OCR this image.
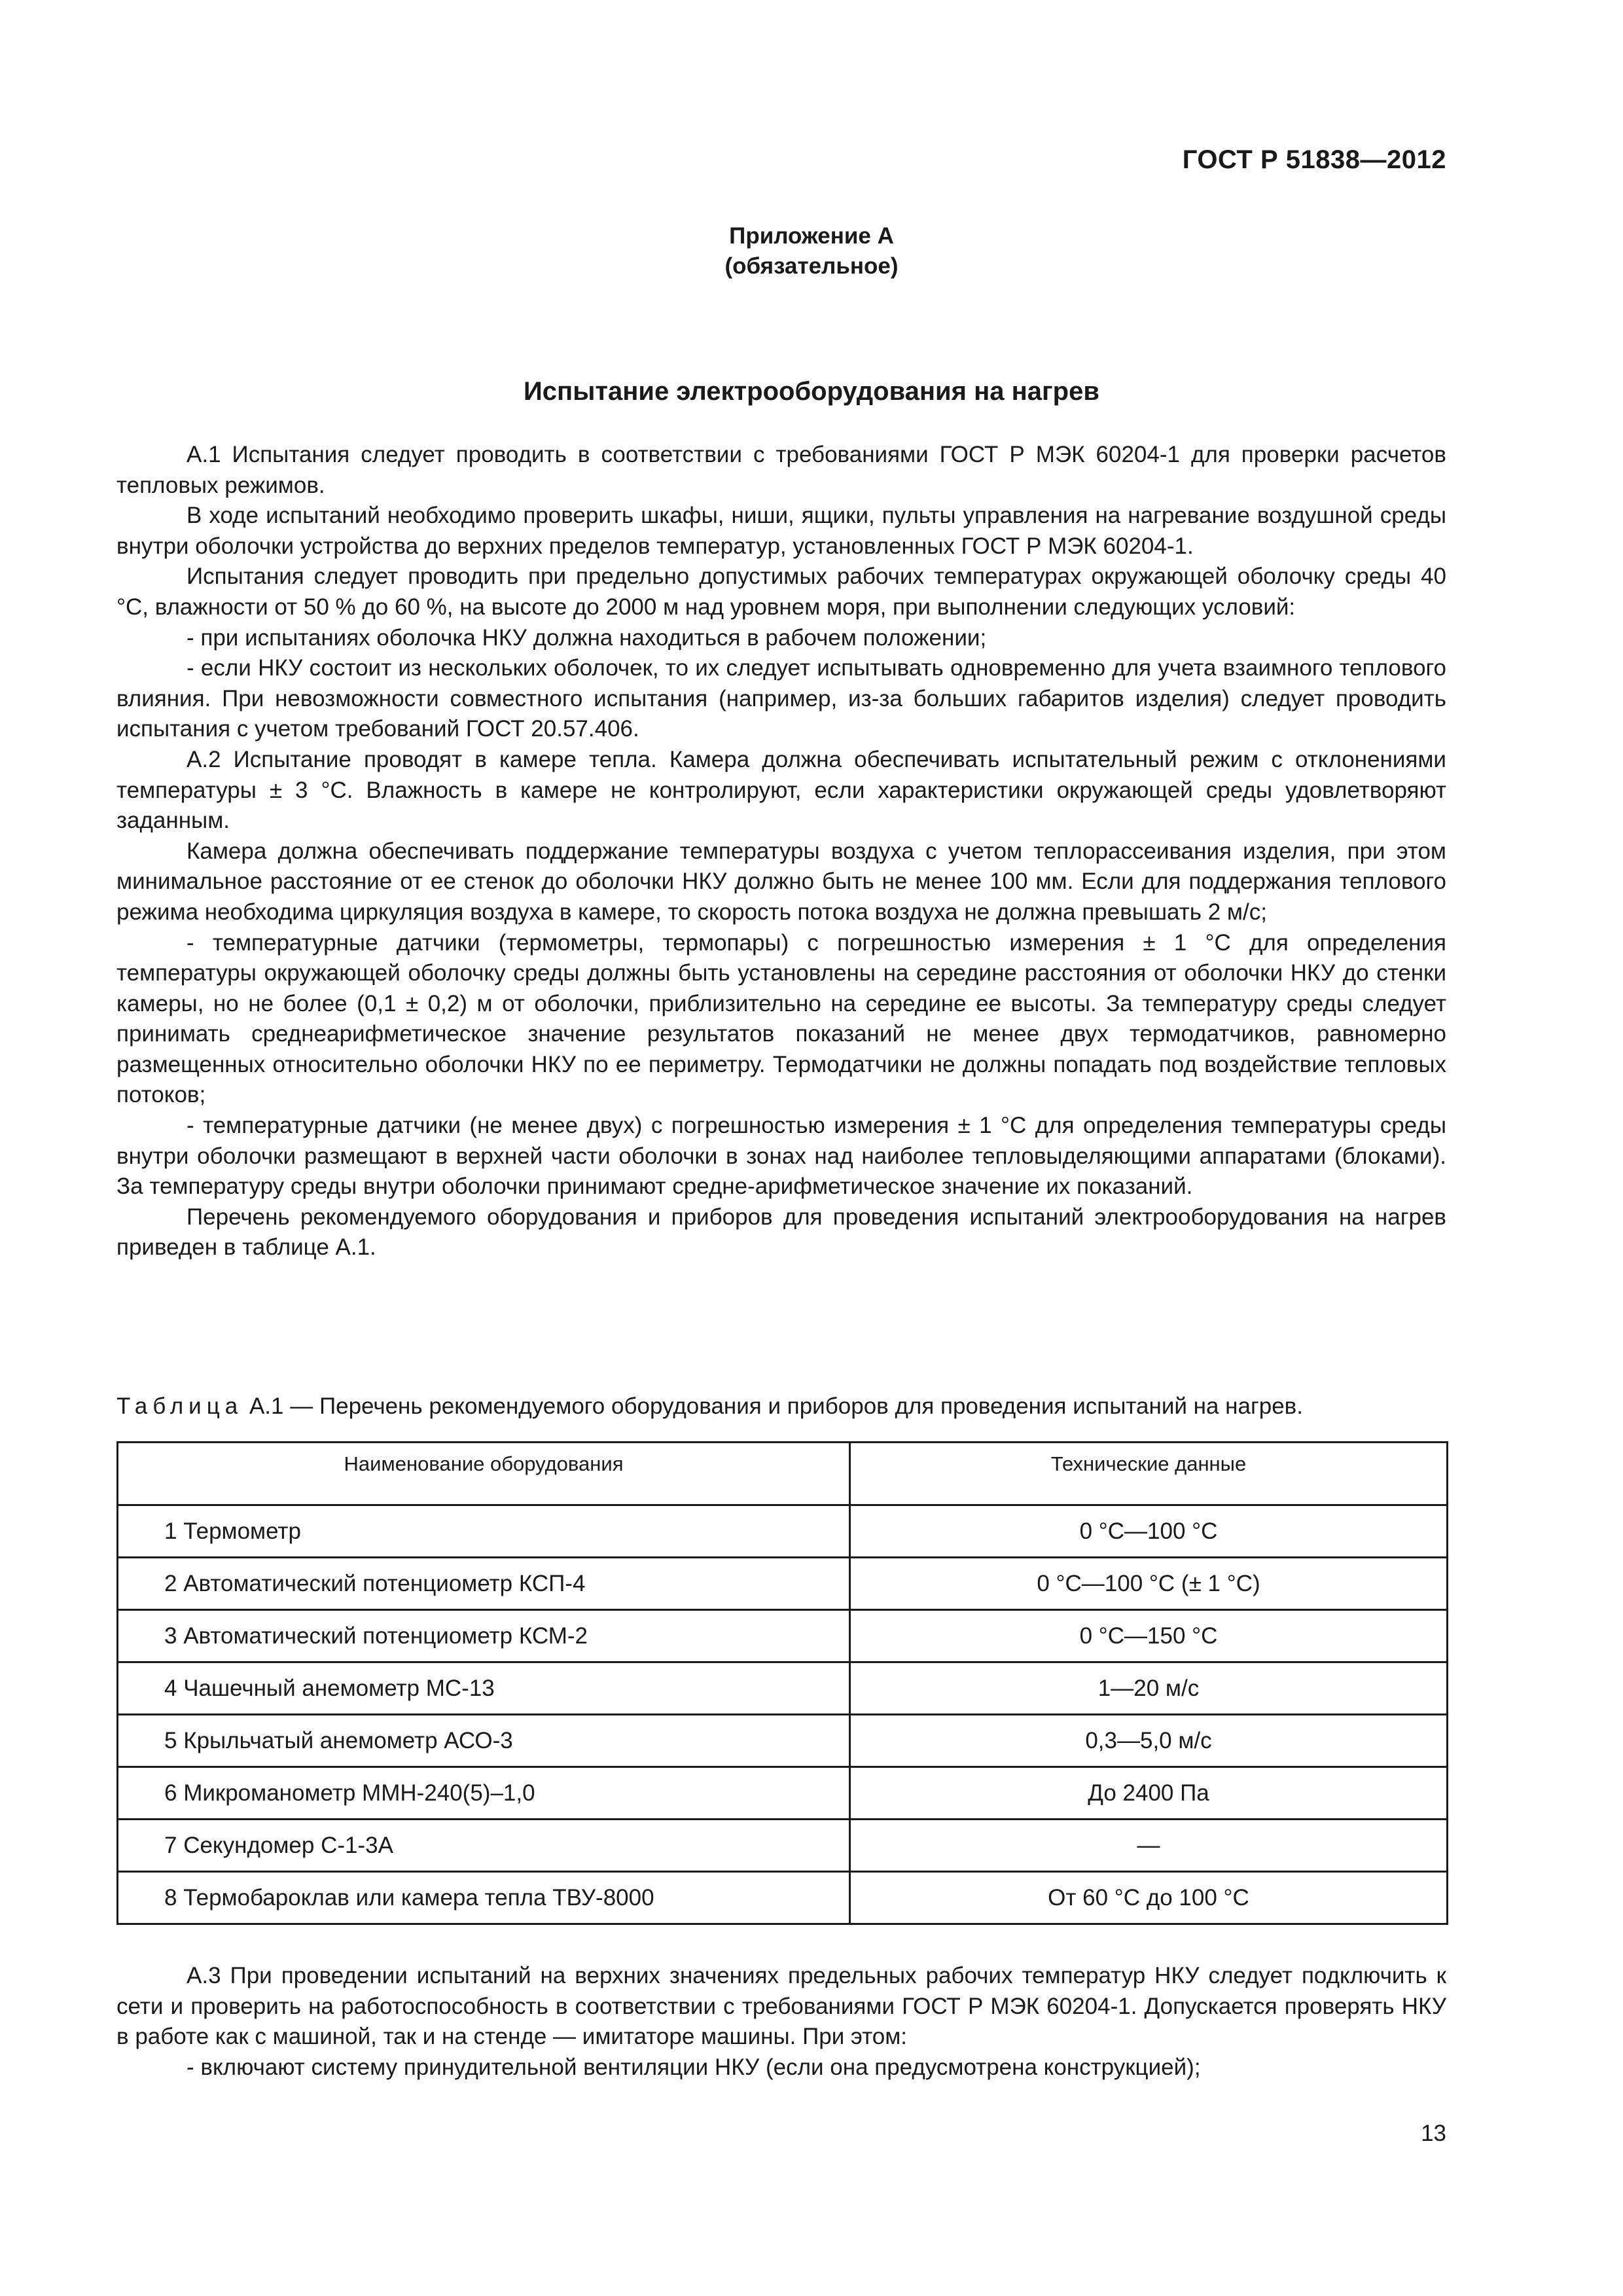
ГОСТ Р 51838—2012
Приложение А
(обязательное)
Испытание электрооборудования на нагрев

А.1 Испытания следует проводить в соответствии с требованиями ГОСТ Р МЭК 60204-1 для проверки расчетов тепловых режимов.

В ходе испытаний необходимо проверить шкафы, ниши, ящики, пульты управления на нагревание воздушной среды внутри оболочки устройства до верхних пределов температур, установленных ГОСТ Р МЭК 60204-1.

Испытания следует проводить при предельно допустимых рабочих температурах окружающей оболочку среды 40 °С, влажности от 50 % до 60 %, на высоте до 2000 м над уровнем моря, при выполнении следующих условий:

- при испытаниях оболочка НКУ должна находиться в рабочем положении;

- если НКУ состоит из нескольких оболочек, то их следует испытывать одновременно для учета взаимного теплового влияния. При невозможности совместного испытания (например, из-за больших габаритов изделия) следует проводить испытания с учетом требований ГОСТ 20.57.406.

А.2 Испытание проводят в камере тепла. Камера должна обеспечивать испытательный режим с отклонениями температуры ± 3 °С. Влажность в камере не контролируют, если характеристики окружающей среды удовлетворяют заданным.

Камера должна обеспечивать поддержание температуры воздуха с учетом теплорассеивания изделия, при этом минимальное расстояние от ее стенок до оболочки НКУ должно быть не менее 100 мм. Если для поддержания теплового режима необходима циркуляция воздуха в камере, то скорость потока воздуха не должна превышать 2 м/с;

- температурные датчики (термометры, термопары) с погрешностью измерения ± 1 °С для определения температуры окружающей оболочку среды должны быть установлены на середине расстояния от оболочки НКУ до стенки камеры, но не более (0,1 ± 0,2) м от оболочки, приблизительно на середине ее высоты. За температуру среды следует принимать среднеарифметическое значение результатов показаний не менее двух термодатчиков, равномерно размещенных относительно оболочки НКУ по ее периметру. Термодатчики не должны попадать под воздействие тепловых потоков;

- температурные датчики (не менее двух) с погрешностью измерения ± 1 °С для определения температуры среды внутри оболочки размещают в верхней части оболочки в зонах над наиболее тепловыделяющими аппаратами (блоками). За температуру среды внутри оболочки принимают средне-арифметическое значение их показаний.

Перечень рекомендуемого оборудования и приборов для проведения испытаний электрооборудования на нагрев приведен в таблице А.1.

Таблица А.1 — Перечень рекомендуемого оборудования и приборов для проведения испытаний на нагрев.
Наименование оборудования	Технические данные
1 Термометр	0 °С—100 °С
2 Автоматический потенциометр КСП-4	0 °С—100 °С (± 1 °С)
3 Автоматический потенциометр КСМ-2	0 °С—150 °С
4 Чашечный анемометр МС-13	1—20 м/с
5 Крыльчатый анемометр АСО-3	0,3—5,0 м/с
6 Микроманометр ММН-240(5)–1,0	До 2400 Па
7 Секундомер С-1-3А	—
8 Термобароклав или камера тепла ТВУ-8000	От 60 °С до 100 °С

А.3 При проведении испытаний на верхних значениях предельных рабочих температур НКУ следует подключить к сети и проверить на работоспособность в соответствии с требованиями ГОСТ Р МЭК 60204-1. Допускается проверять НКУ в работе как с машиной, так и на стенде — имитаторе машины. При этом:

- включают систему принудительной вентиляции НКУ (если она предусмотрена конструкцией);

13
